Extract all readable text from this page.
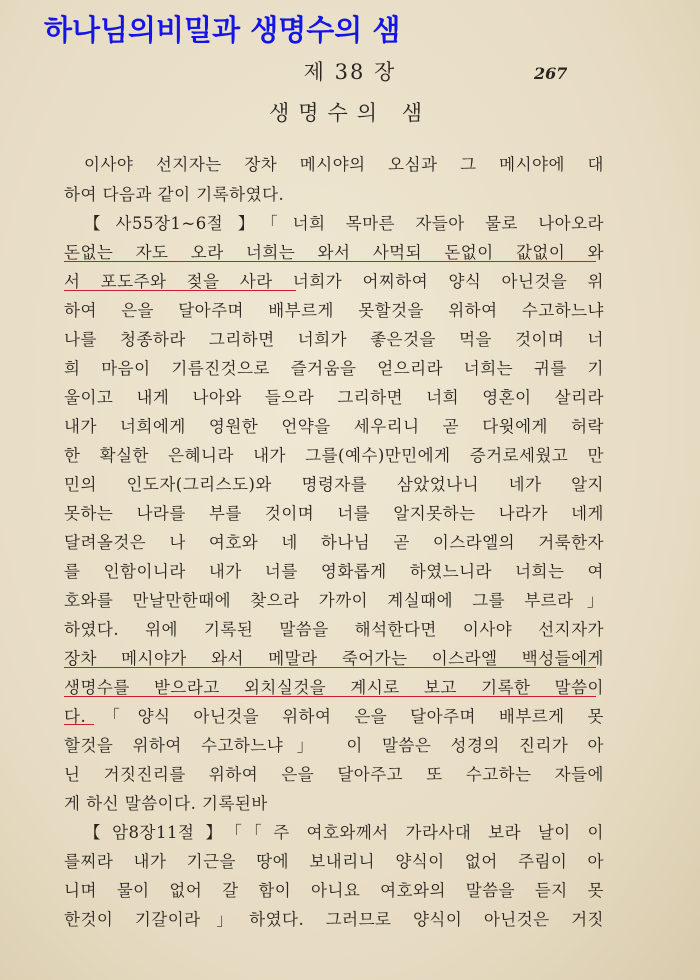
하나님의비밀과 생명수의 샘
제 38 장	267
생명수의 샘
이사야 선지자는 장차 메시야의 오심과 그 메시야에 대
하여 다음과 같이 기록하였다.
【사55장1~6절】「너희 목마른 자들아 물로 나아오라
돈없는 자도 오라 너희는 와서 사먹되 돈없이 값없이 와
서 포도주와 젖을 사라 너희가 어찌하여 양식 아닌것을 위
하여 은을 달아주며 배부르게 못할것을 위하여 수고하느냐
나를 청종하라 그리하면 너희가 좋은것을 먹을 것이며 너
희 마음이 기름진것으로 즐거움을 얻으리라 너희는 귀를 기
울이고 내게 나아와 들으라 그리하면 너희 영혼이 살리라
내가 너희에게 영원한 언약을 세우리니 곧 다윗에게 허락
한 확실한 은혜니라 내가 그를(예수)만민에게 증거로세웠고 만
민의 인도자(그리스도)와 명령자를 삼았었나니 네가 알지
못하는 나라를 부를 것이며 너를 알지못하는 나라가 네게
달려올것은 나 여호와 네 하나님 곧 이스라엘의 거룩한자
를 인함이니라 내가 너를 영화롭게 하였느니라 너희는 여
호와를 만날만한때에 찾으라 가까이 계실때에 그를 부르라」
하였다. 위에 기록된 말씀을 해석한다면 이사야 선지자가
장차 메시야가 와서 메말라 죽어가는 이스라엘 백성들에게
생명수를 받으라고 외치실것을 계시로 보고 기록한 말씀이
다.「양식 아닌것을 위하여 은을 달아주며 배부르게 못
할것을 위하여 수고하느냐」 이 말씀은 성경의 진리가 아
닌 거짓진리를 위하여 은을 달아주고 또 수고하는 자들에
게 하신 말씀이다. 기록된바
【암8장11절】「「주 여호와께서 가라사대 보라 날이 이
를찌라 내가 기근을 땅에 보내리니 양식이 없어 주림이 아
니며 물이 없어 갈 함이 아니요 여호와의 말씀을 듣지 못
한것이 기갈이라」하였다. 그러므로 양식이 아닌것은 거짓
